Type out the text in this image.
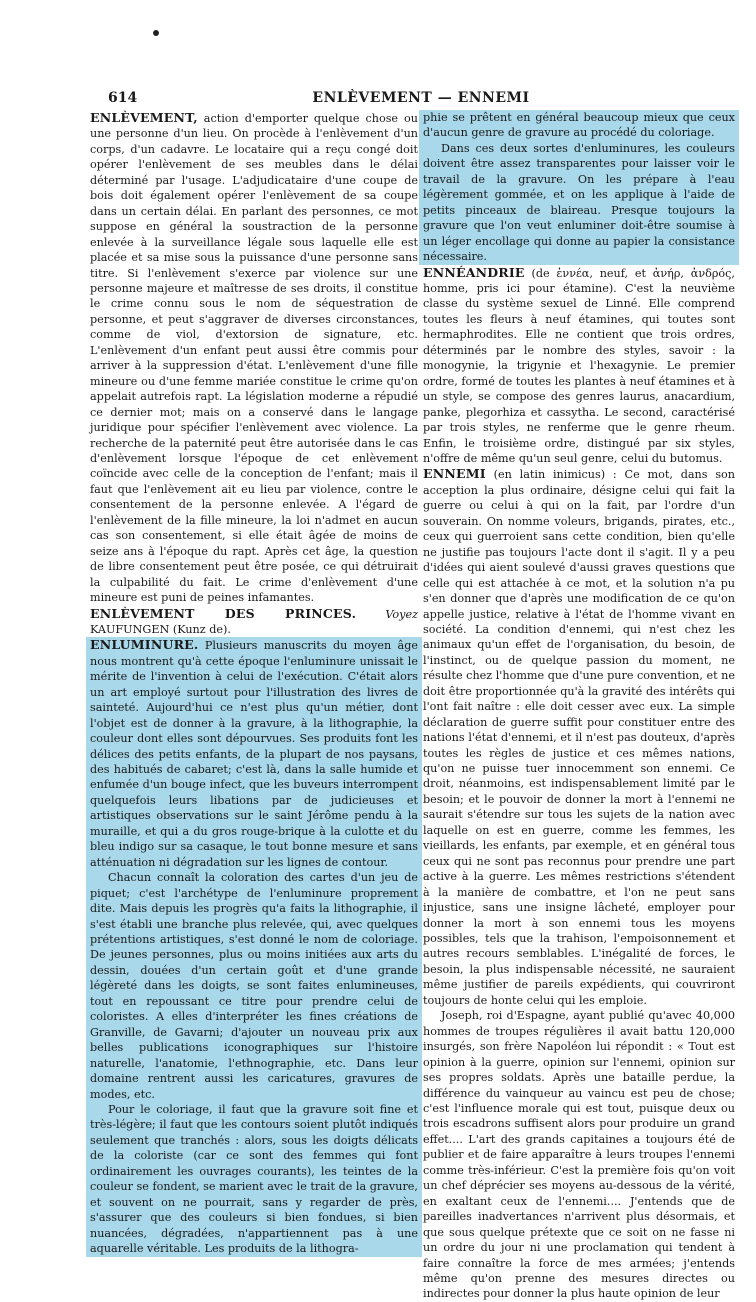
614	ENLÈVEMENT — ENNEMI

ENLÈVEMENT, action d'emporter quelque chose ou une personne d'un lieu. On procède à l'enlèvement d'un corps, d'un cadavre. Le locataire qui a reçu congé doit opérer l'enlèvement de ses meubles dans le délai déterminé par l'usage. L'adjudicataire d'une coupe de bois doit également opérer l'enlèvement de sa coupe dans un certain délai. En parlant des personnes, ce mot suppose en général la soustraction de la personne enlevée à la surveillance légale sous laquelle elle est placée et sa mise sous la puissance d'une personne sans titre. Si l'enlèvement s'exerce par violence sur une personne majeure et maîtresse de ses droits, il constitue le crime connu sous le nom de séquestration de personne, et peut s'aggraver de diverses circonstances, comme de viol, d'extorsion de signature, etc. L'enlèvement d'un enfant peut aussi être commis pour arriver à la suppression d'état. L'enlèvement d'une fille mineure ou d'une femme mariée constitue le crime qu'on appelait autrefois rapt. La législation moderne a répudié ce dernier mot; mais on a conservé dans le langage juridique pour spécifier l'enlèvement avec violence. La recherche de la paternité peut être autorisée dans le cas d'enlèvement lorsque l'époque de cet enlèvement coïncide avec celle de la conception de l'enfant; mais il faut que l'enlèvement ait eu lieu par violence, contre le consentement de la personne enlevée. A l'égard de l'enlèvement de la fille mineure, la loi n'admet en aucun cas son consentement, si elle était âgée de moins de seize ans à l'époque du rapt. Après cet âge, la question de libre consentement peut être posée, ce qui détruirait la culpabilité du fait. Le crime d'enlèvement d'une mineure est puni de peines infamantes.

ENLÈVEMENT DES PRINCES.	Voyez KAUFUNGEN (Kunz de).

ENLUMINURE. Plusieurs manuscrits du moyen âge nous montrent qu'à cette époque l'enluminure unissait le mérite de l'invention à celui de l'exécution. C'était alors un art employé surtout pour l'illustration des livres de sainteté. Aujourd'hui ce n'est plus qu'un métier, dont l'objet est de donner à la gravure, à la lithographie, la couleur dont elles sont dépourvues. Ses produits font les délices des petits enfants, de la plupart de nos paysans, des habitués de cabaret; c'est là, dans la salle humide et enfumée d'un bouge infect, que les buveurs interrompent quelquefois leurs libations par de judicieuses et artistiques observations sur le saint Jérôme pendu à la muraille, et qui a du gros rouge-brique à la culotte et du bleu indigo sur sa casaque, le tout bonne mesure et sans atténuation ni dégradation sur les lignes de contour.

Chacun connaît la coloration des cartes d'un jeu de piquet; c'est l'archétype de l'enluminure proprement dite. Mais depuis les progrès qu'a faits la lithographie, il s'est établi une branche plus relevée, qui, avec quelques prétentions artistiques, s'est donné le nom de coloriage. De jeunes personnes, plus ou moins initiées aux arts du dessin, douées d'un certain goût et d'une grande légèreté dans les doigts, se sont faites enlumineuses, tout en repoussant ce titre pour prendre celui de coloristes. A elles d'interpréter les fines créations de Granville, de Gavarni; d'ajouter un nouveau prix aux belles publications iconographiques sur l'histoire naturelle, l'anatomie, l'ethnographie, etc. Dans leur domaine rentrent aussi les caricatures, gravures de modes, etc.

Pour le coloriage, il faut que la gravure soit fine et très-légère; il faut que les contours soient plutôt indiqués seulement que tranchés : alors, sous les doigts délicats de la coloriste (car ce sont des femmes qui font ordinairement les ouvrages courants), les teintes de la couleur se fondent, se marient avec le trait de la gravure, et souvent on ne pourrait, sans y regarder de près, s'assurer que des couleurs si bien fondues, si bien nuancées, dégradées, n'appartiennent pas à une aquarelle véritable. Les produits de la lithogra-

phie se prêtent en général beaucoup mieux que ceux d'aucun genre de gravure au procédé du coloriage.

Dans ces deux sortes d'enluminures, les couleurs doivent être assez transparentes pour laisser voir le travail de la gravure. On les prépare à l'eau légèrement gommée, et on les applique à l'aide de petits pinceaux de blaireau. Presque toujours la gravure que l'on veut enluminer doit-être soumise à un léger encollage qui donne au papier la consistance nécessaire.

ENNÉANDRIE (de ἐννέα, neuf, et ἀνήρ, ἀνδρός, homme, pris ici pour étamine). C'est la neuvième classe du système sexuel de Linné. Elle comprend toutes les fleurs à neuf étamines, qui toutes sont hermaphrodites. Elle ne contient que trois ordres, déterminés par le nombre des styles, savoir : la monogynie, la trigynie et l'hexagynie. Le premier ordre, formé de toutes les plantes à neuf étamines et à un style, se compose des genres laurus, anacardium, panke, plegorhiza et cassytha. Le second, caractérisé par trois styles, ne renferme que le genre rheum. Enfin, le troisième ordre, distingué par six styles, n'offre de même qu'un seul genre, celui du butomus.

ENNEMI (en latin inimicus) : Ce mot, dans son acception la plus ordinaire, désigne celui qui fait la guerre ou celui à qui on la fait, par l'ordre d'un souverain. On nomme voleurs, brigands, pirates, etc., ceux qui guerroient sans cette condition, bien qu'elle ne justifie pas toujours l'acte dont il s'agit. Il y a peu d'idées qui aient soulevé d'aussi graves questions que celle qui est attachée à ce mot, et la solution n'a pu s'en donner que d'après une modification de ce qu'on appelle justice, relative à l'état de l'homme vivant en société. La condition d'ennemi, qui n'est chez les animaux qu'un effet de l'organisation, du besoin, de l'instinct, ou de quelque passion du moment, ne résulte chez l'homme que d'une pure convention, et ne doit être proportionnée qu'à la gravité des intérêts qui l'ont fait naître : elle doit cesser avec eux. La simple déclaration de guerre suffit pour constituer entre des nations l'état d'ennemi, et il n'est pas douteux, d'après toutes les règles de justice et ces mêmes nations, qu'on ne puisse tuer innocemment son ennemi. Ce droit, néanmoins, est indispensablement limité par le besoin; et le pouvoir de donner la mort à l'ennemi ne saurait s'étendre sur tous les sujets de la nation avec laquelle on est en guerre, comme les femmes, les vieillards, les enfants, par exemple, et en général tous ceux qui ne sont pas reconnus pour prendre une part active à la guerre. Les mêmes restrictions s'étendent à la manière de combattre, et l'on ne peut sans injustice, sans une insigne lâcheté, employer pour donner la mort à son ennemi tous les moyens possibles, tels que la trahison, l'empoisonnement et autres recours semblables. L'inégalité de forces, le besoin, la plus indispensable nécessité, ne sauraient même justifier de pareils expédients, qui couvriront toujours de honte celui qui les emploie.

Joseph, roi d'Espagne, ayant publié qu'avec 40,000 hommes de troupes régulières il avait battu 120,000 insurgés, son frère Napoléon lui répondit : « Tout est opinion à la guerre, opinion sur l'ennemi, opinion sur ses propres soldats. Après une bataille perdue, la différence du vainqueur au vaincu est peu de chose; c'est l'influence morale qui est tout, puisque deux ou trois escadrons suffisent alors pour produire un grand effet.... L'art des grands capitaines a toujours été de publier et de faire apparaître à leurs troupes l'ennemi comme très-inférieur. C'est la première fois qu'on voit un chef déprécier ses moyens au-dessous de la vérité, en exaltant ceux de l'ennemi.... J'entends que de pareilles inadvertances n'arrivent plus désormais, et que sous quelque prétexte que ce soit on ne fasse ni un ordre du jour ni une proclamation qui tendent à faire connaître la force de mes armées; j'entends même qu'on prenne des mesures directes ou indirectes pour donner la plus haute opinion de leur
